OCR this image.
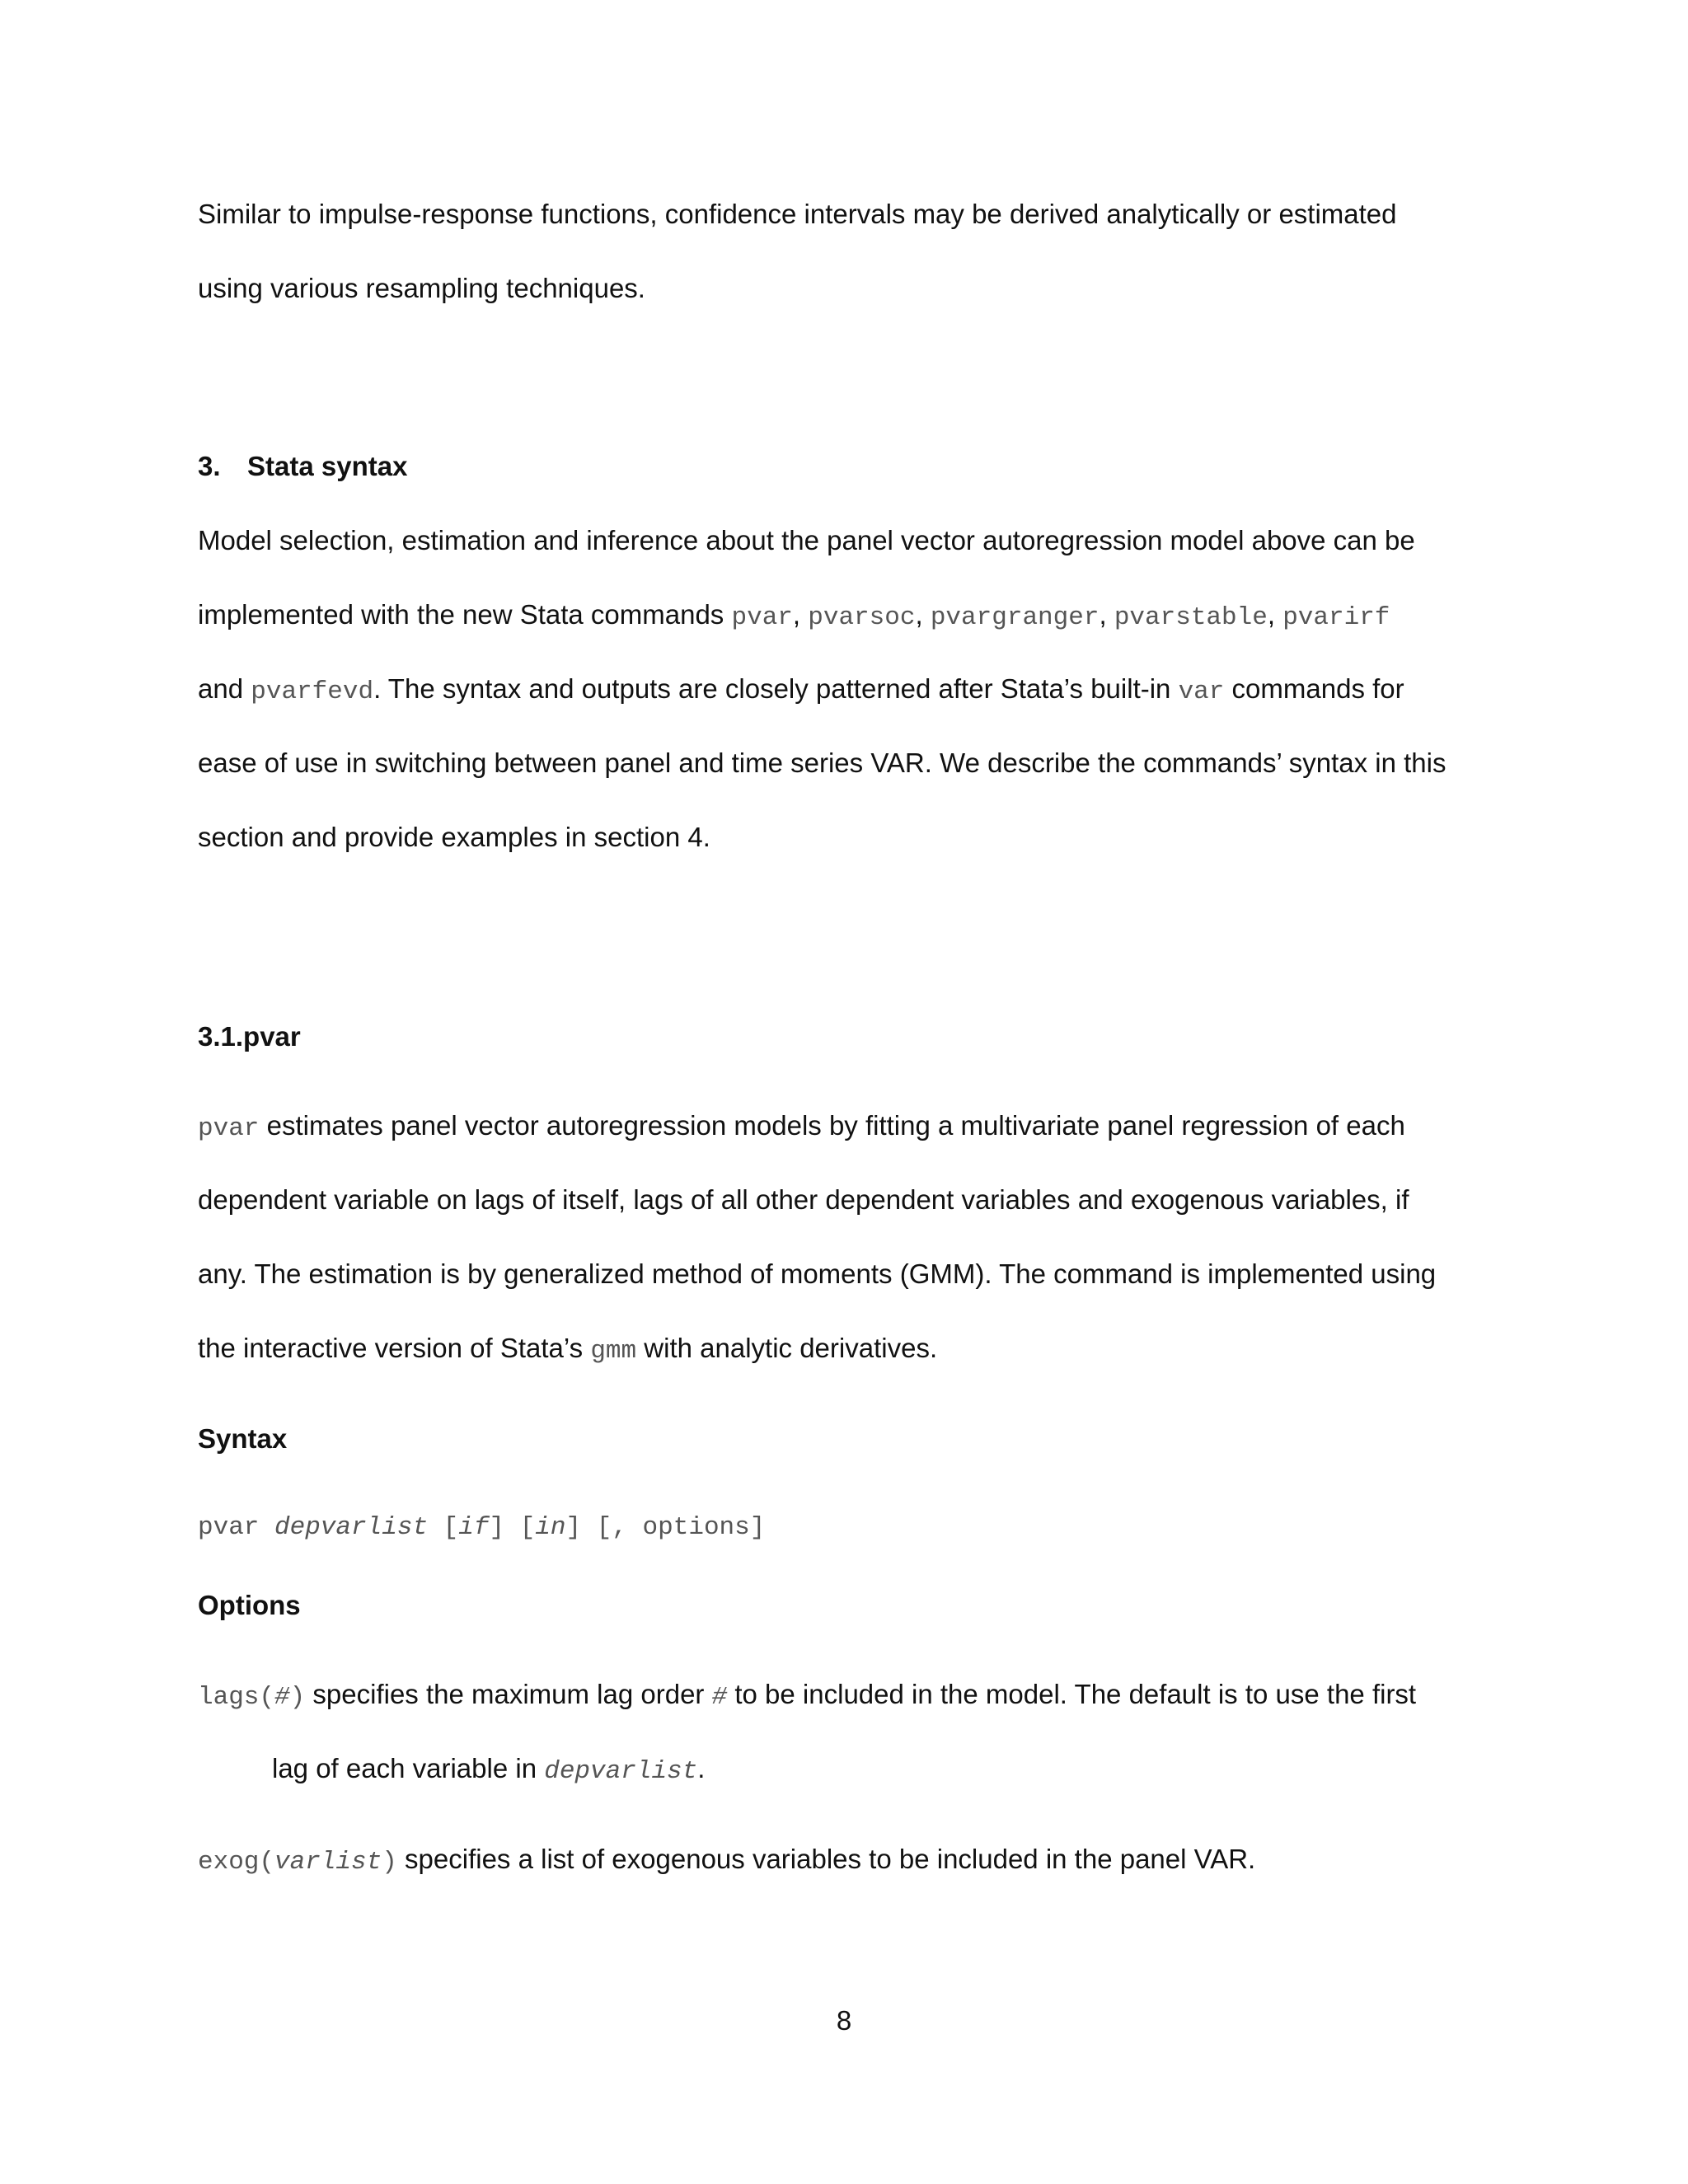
Similar to impulse-response functions, confidence intervals may be derived analytically or estimated
using various resampling techniques.
3. Stata syntax
Model selection, estimation and inference about the panel vector autoregression model above can be
implemented with the new Stata commands pvar, pvarsoc, pvargranger, pvarstable, pvarirf
and pvarfevd. The syntax and outputs are closely patterned after Stata’s built-in var commands for
ease of use in switching between panel and time series VAR. We describe the commands’ syntax in this
section and provide examples in section 4.
3.1.pvar
pvar estimates panel vector autoregression models by fitting a multivariate panel regression of each
dependent variable on lags of itself, lags of all other dependent variables and exogenous variables, if
any. The estimation is by generalized method of moments (GMM). The command is implemented using
the interactive version of Stata’s gmm with analytic derivatives.
Syntax
pvar depvarlist [if] [in] [, options]
Options
lags(#) specifies the maximum lag order # to be included in the model. The default is to use the first
lag of each variable in depvarlist.
exog(varlist) specifies a list of exogenous variables to be included in the panel VAR.
8
